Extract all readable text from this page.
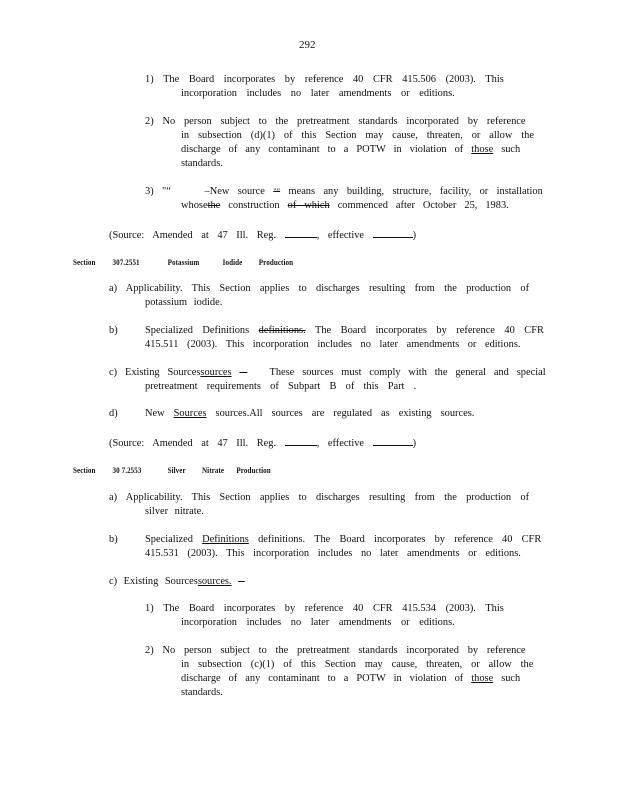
292
1) The Board incorporates by reference 40 CFR 415.506 (2003). This
incorporation includes no later amendments or editions.
2) No person subject to the pretreatment standards incorporated by reference
in subsection (d)(1) of this Section may cause, threaten, or allow the
discharge of any contaminant to a POTW in violation of those such
standards.
3) "“	–New source "” means any building, structure, facility, or installation
whosethe construction of which commenced after October 25, 1983.
(Source: Amended at 47 Ill. Reg.	, effective	)
Section 307.2551	Potassium	Iodide Production
a) Applicability. This Section applies to discharges resulting from the production of
potassium iodide.
b)	Specialized Definitions definitions. The Board incorporates by reference 40 CFR
415.511 (2003). This incorporation includes no later amendments or editions.
c) Existing Sourcessources	These sources must comply with the general and special
pretreatment requirements of Subpart B of this Part .
d)	New Sources sources.All sources are regulated as existing sources.
(Source: Amended at 47 Ill. Reg.	, effective	)
Section 30 7.2553	Silver Nitrate Production
a) Applicability. This Section applies to discharges resulting from the production of
silver nitrate.
b)	Specialized Definitions definitions. The Board incorporates by reference 40 CFR
415.531 (2003). This incorporation includes no later amendments or editions.
c) Existing Sourcessources.
1) The Board incorporates by reference 40 CFR 415.534 (2003). This
incorporation includes no later amendments or editions.
2) No person subject to the pretreatment standards incorporated by reference
in subsection (c)(1) of this Section may cause, threaten, or allow the
discharge of any contaminant to a POTW in violation of those such
standards.
